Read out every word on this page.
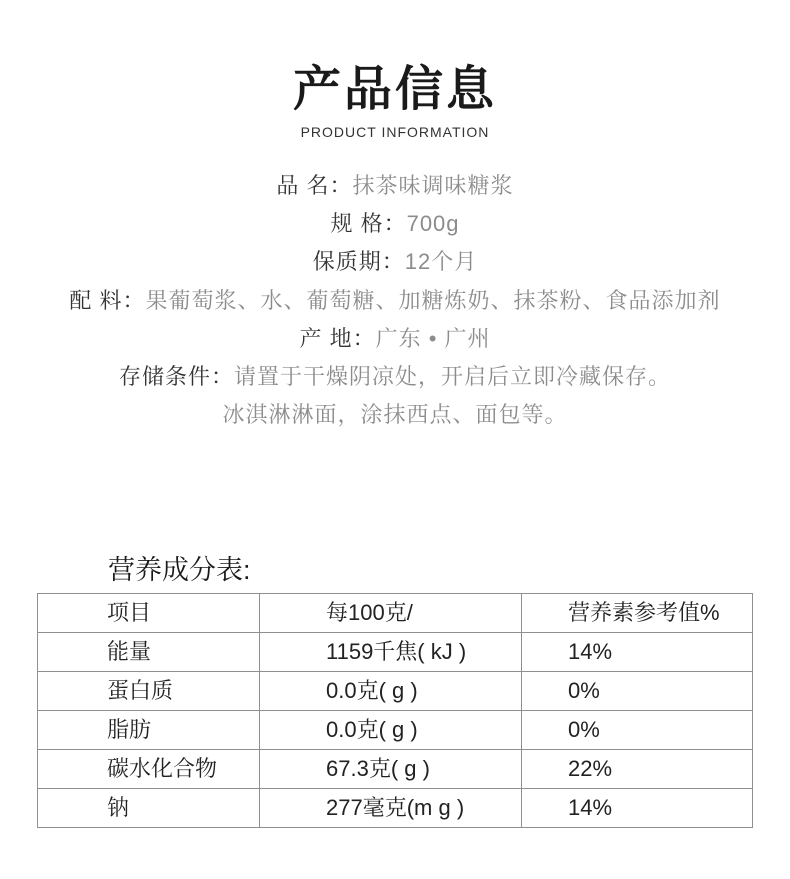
产品信息
PRODUCT INFORMATION
品 名：抹茶味调味糖浆
规 格：700g
保质期：12个月
配 料：果葡萄浆、水、葡萄糖、加糖炼奶、抹茶粉、食品添加剂
产 地：广东 • 广州
存储条件：请置于干燥阴凉处，开启后立即冷藏保存。
冰淇淋淋面，涂抹西点、面包等。
营养成分表:
项目	每100克/	营养素参考值%
能量	1159千焦( kJ )	14%
蛋白质	0.0克( g )	0%
脂肪	0.0克( g )	0%
碳水化合物	67.3克( g )	22%
钠	277毫克(m g )	14%
